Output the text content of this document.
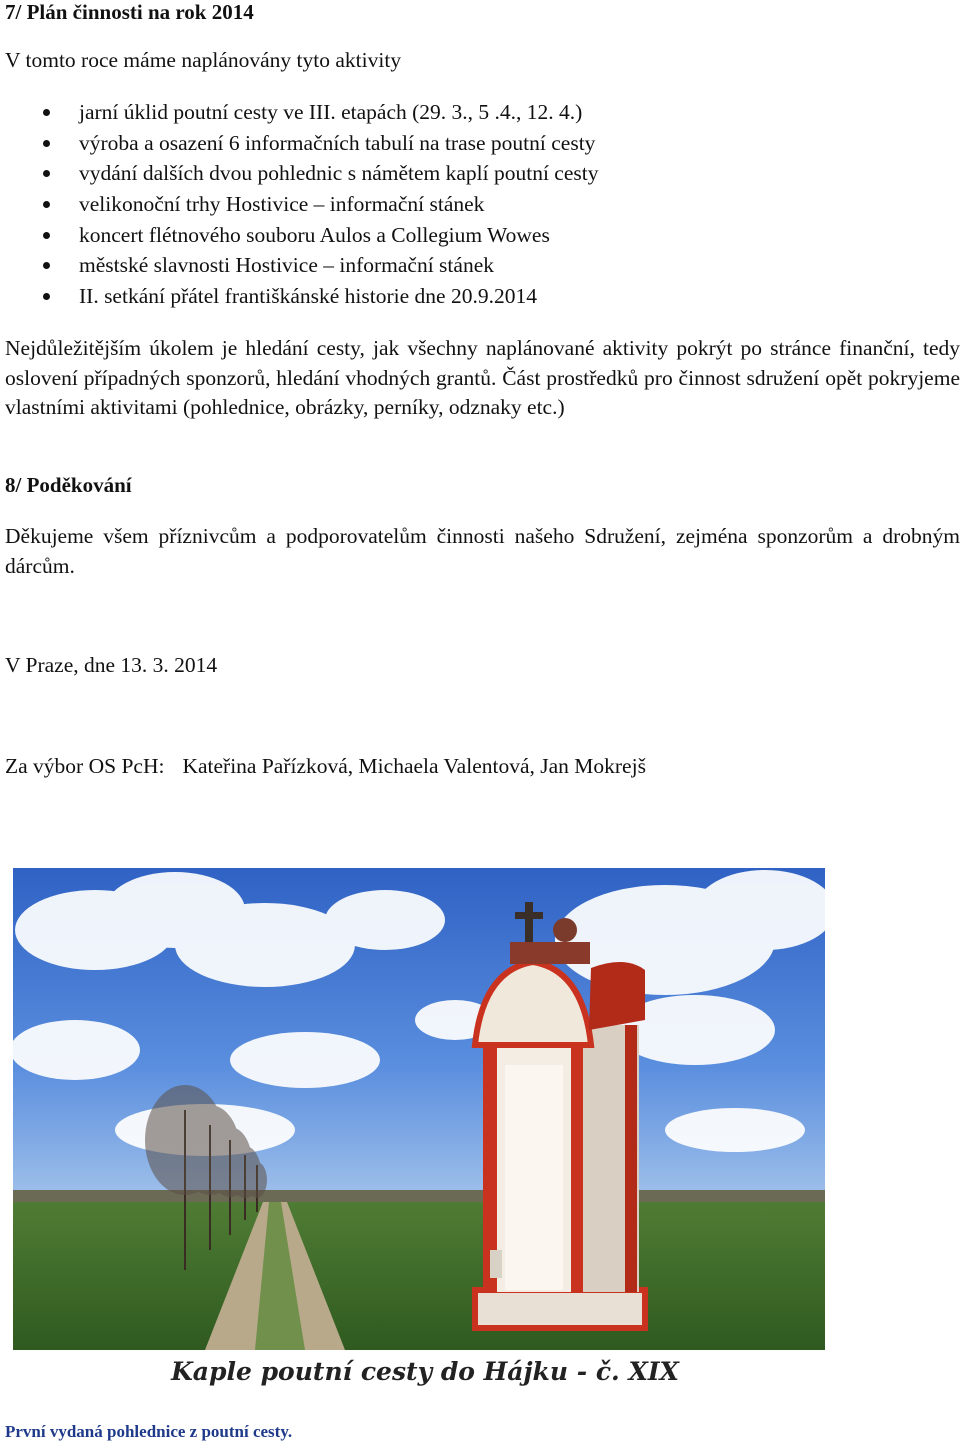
7/ Plán činnosti na rok 2014
V tomto roce máme naplánovány tyto aktivity
jarní úklid poutní cesty ve III. etapách (29. 3., 5 .4., 12. 4.)
výroba a osazení 6 informačních tabulí na trase poutní cesty
vydání dalších dvou pohlednic s námětem kaplí poutní cesty
velikonoční trhy Hostivice – informační stánek
koncert flétnového souboru Aulos a Collegium Wowes
městské slavnosti Hostivice – informační stánek
II. setkání přátel františkánské historie dne 20.9.2014
Nejdůležitějším úkolem je hledání cesty, jak všechny naplánované aktivity pokrýt po stránce finanční, tedy oslovení případných sponzorů, hledání vhodných grantů. Část prostředků pro činnost sdružení opět pokryjeme vlastními aktivitami (pohlednice, obrázky, perníky, odznaky etc.)
8/ Poděkování
Děkujeme všem příznivcům a podporovatelům činnosti našeho Sdružení, zejména sponzorům a drobným dárcům.
V Praze, dne 13. 3. 2014
Za výbor OS PcH: Kateřina Pařízková, Michaela Valentová, Jan Mokrejš
Kaple poutní cesty do Hájku - č. XIX
První vydaná pohlednice z poutní cesty.
